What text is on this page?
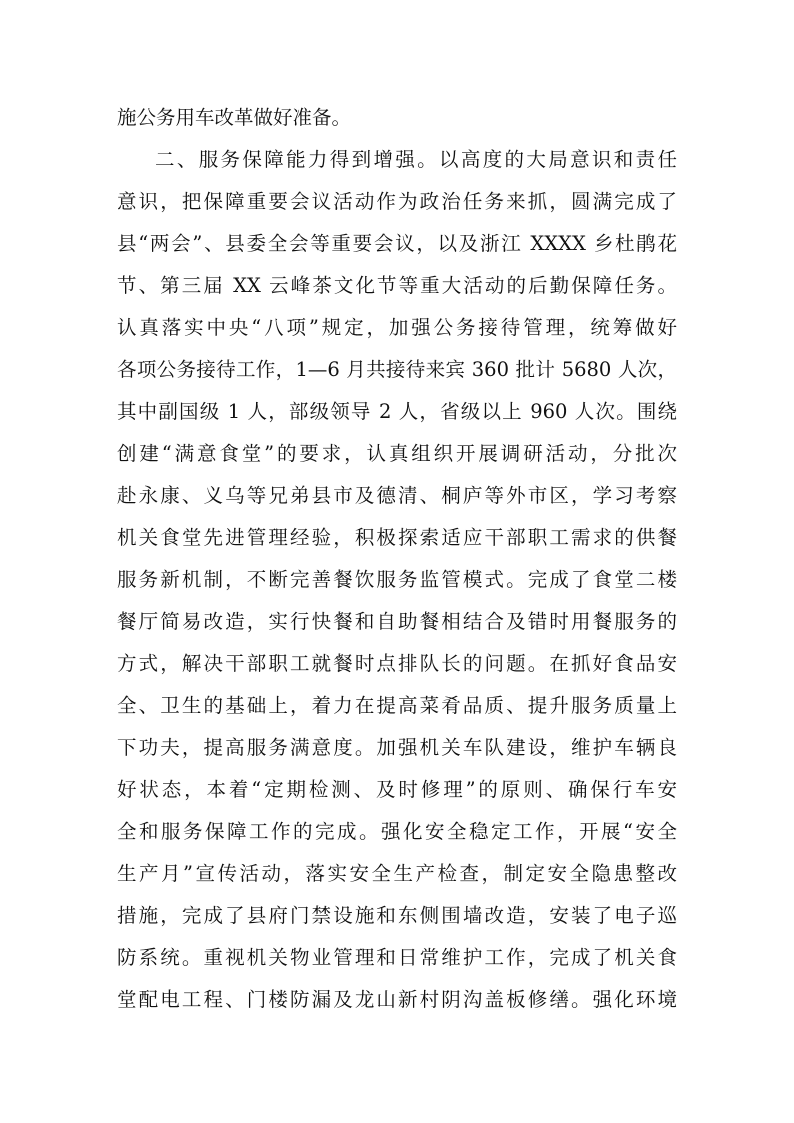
施公务用车改革做好准备。
二、服务保障能力得到增强。以高度的大局意识和责任
意识，把保障重要会议活动作为政治任务来抓，圆满完成了
县“两会”、县委全会等重要会议，以及浙江 XXXX 乡杜鹃花
节、第三届 XX 云峰茶文化节等重大活动的后勤保障任务。
认真落实中央“八项”规定，加强公务接待管理，统筹做好
各项公务接待工作，1—6 月共接待来宾 360 批计 5680 人次，
其中副国级 1 人，部级领导 2 人，省级以上 960 人次。围绕
创建“满意食堂”的要求，认真组织开展调研活动，分批次
赴永康、义乌等兄弟县市及德清、桐庐等外市区，学习考察
机关食堂先进管理经验，积极探索适应干部职工需求的供餐
服务新机制，不断完善餐饮服务监管模式。完成了食堂二楼
餐厅简易改造，实行快餐和自助餐相结合及错时用餐服务的
方式，解决干部职工就餐时点排队长的问题。在抓好食品安
全、卫生的基础上，着力在提高菜肴品质、提升服务质量上
下功夫，提高服务满意度。加强机关车队建设，维护车辆良
好状态，本着“定期检测、及时修理”的原则、确保行车安
全和服务保障工作的完成。强化安全稳定工作，开展“安全
生产月”宣传活动，落实安全生产检查，制定安全隐患整改
措施，完成了县府门禁设施和东侧围墙改造，安装了电子巡
防系统。重视机关物业管理和日常维护工作，完成了机关食
堂配电工程、门楼防漏及龙山新村阴沟盖板修缮。强化环境
